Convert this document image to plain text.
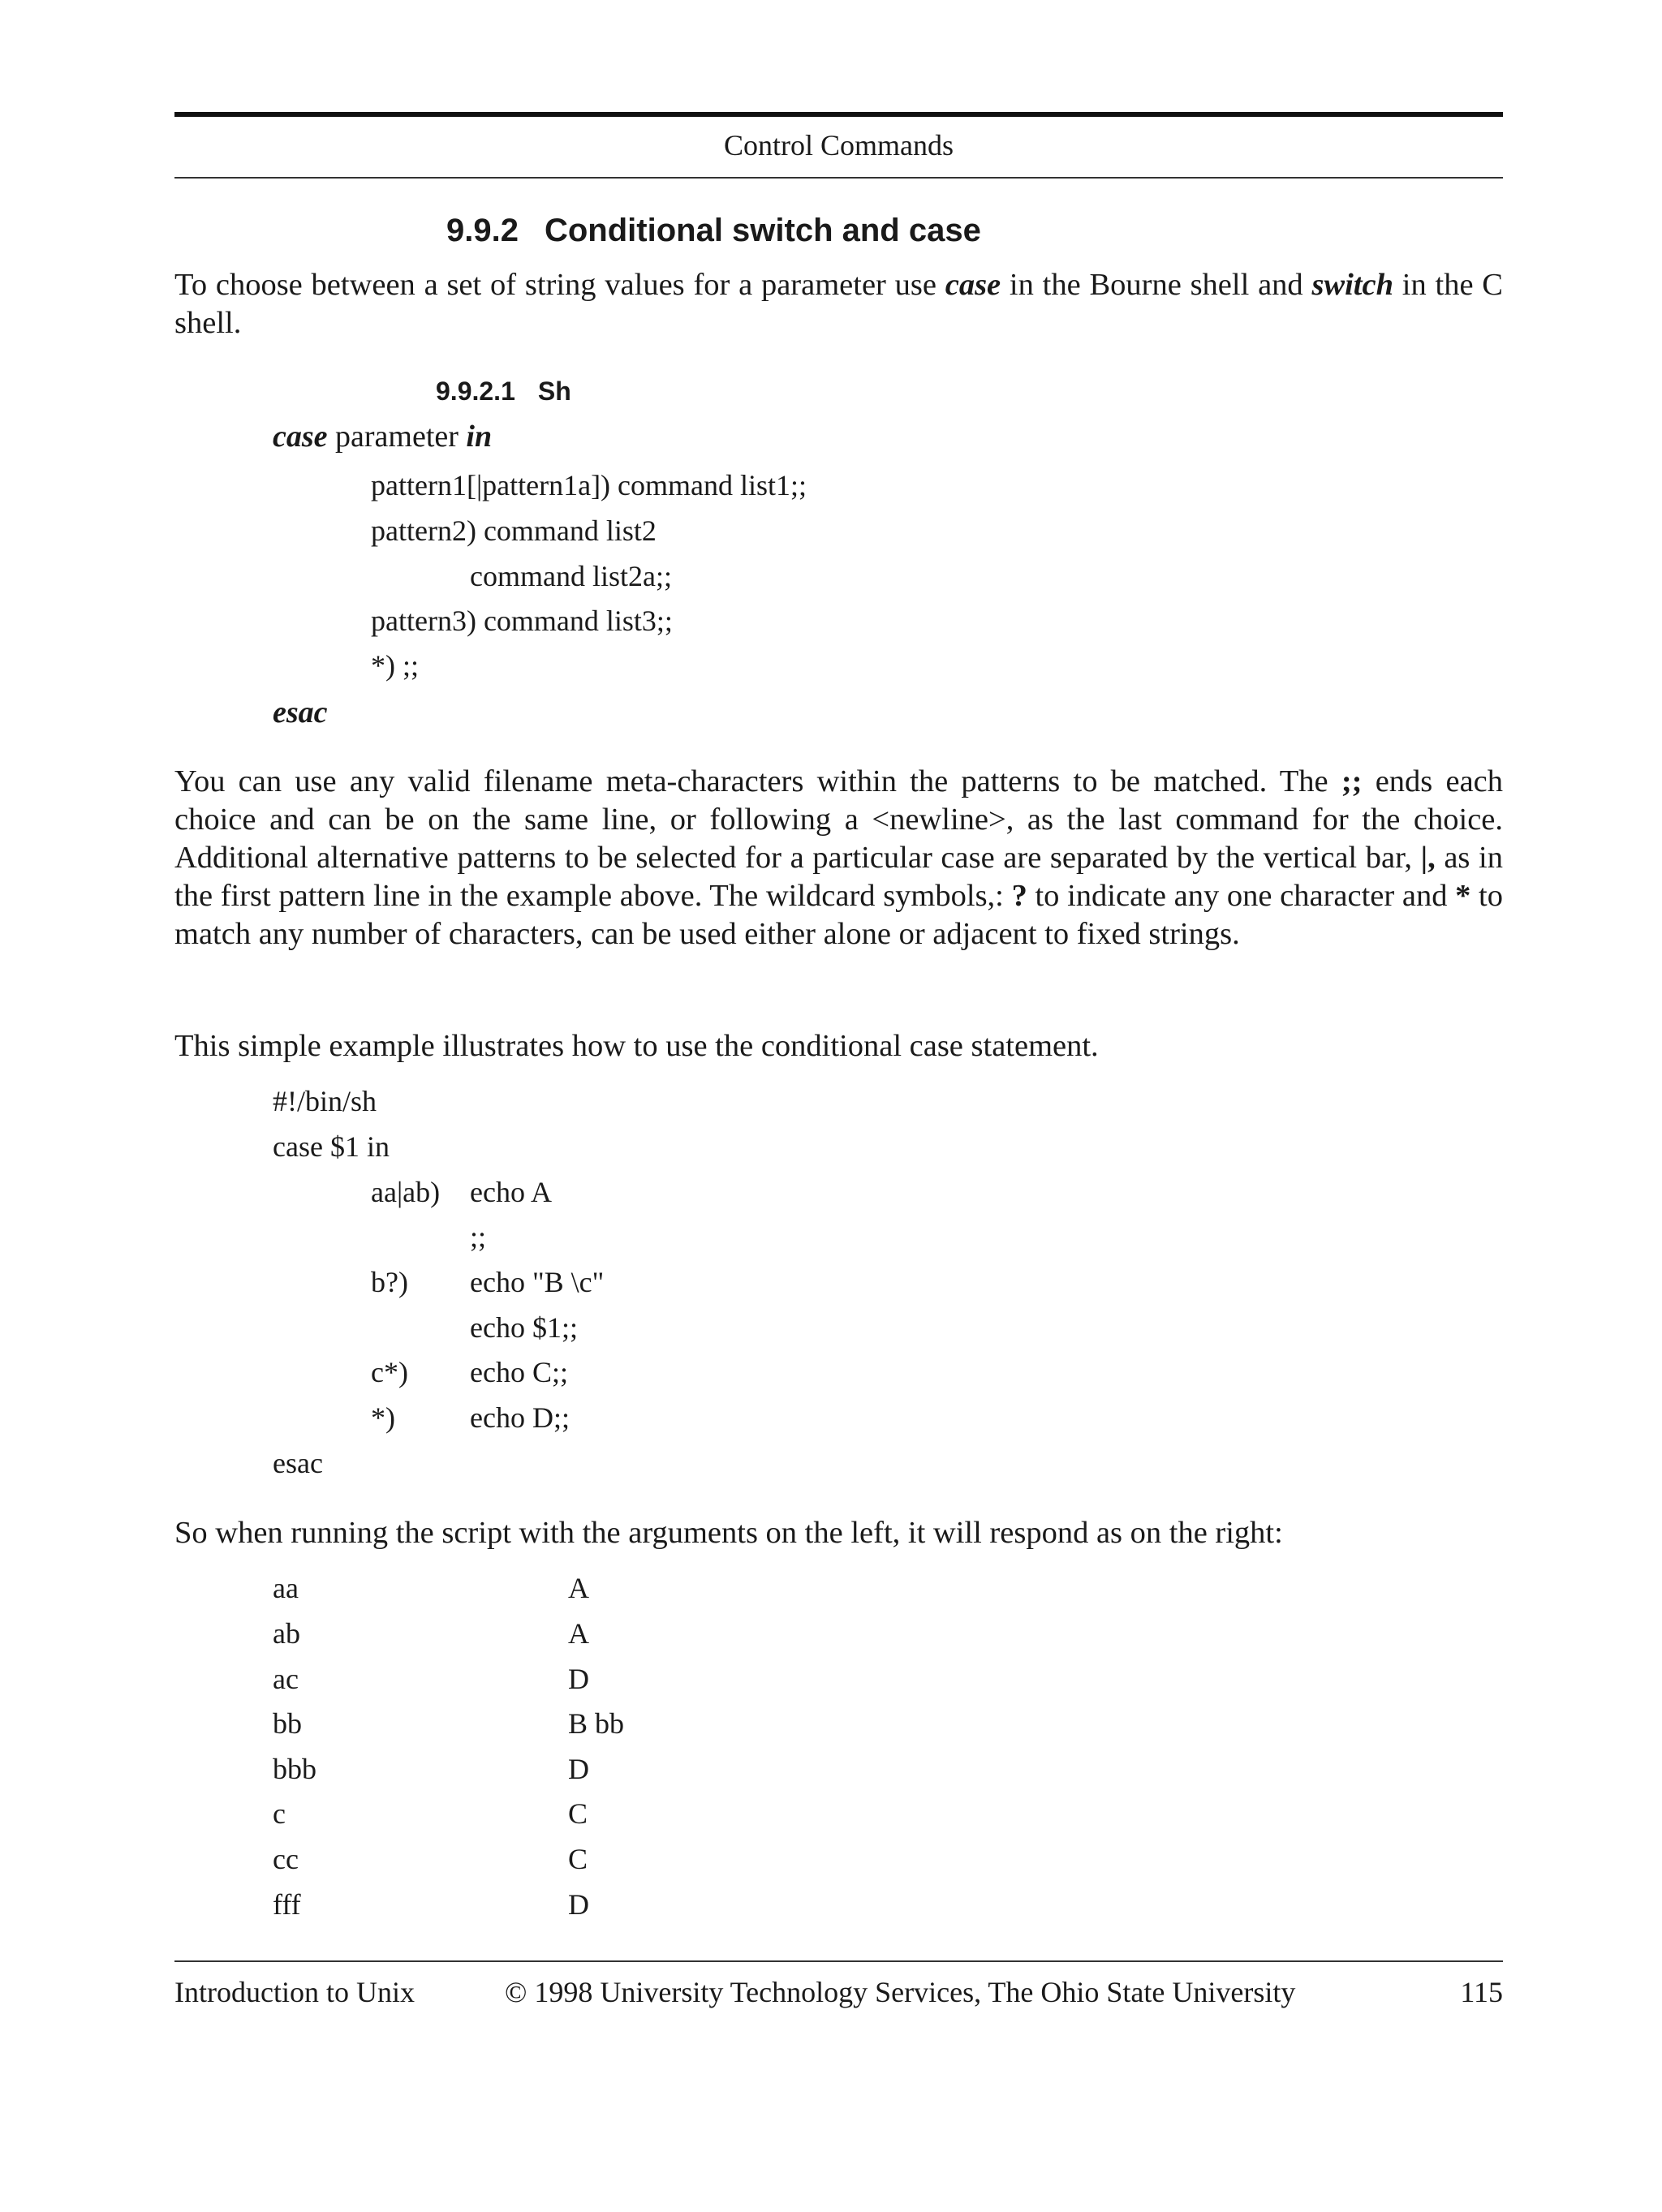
Control Commands
9.9.2 Conditional switch and case
To choose between a set of string values for a parameter use case in the Bourne shell and switch in the C shell.
9.9.2.1 Sh
case parameter in
pattern1[|pattern1a]) command list1;;
pattern2) command list2
command list2a;;
pattern3) command list3;;
*) ;;
esac
You can use any valid filename meta-characters within the patterns to be matched. The ;; ends each choice and can be on the same line, or following a <newline>, as the last command for the choice. Additional alternative patterns to be selected for a particular case are separated by the vertical bar, |, as in the first pattern line in the example above. The wildcard symbols,: ? to indicate any one character and * to match any number of characters, can be used either alone or adjacent to fixed strings.
This simple example illustrates how to use the conditional case statement.
#!/bin/sh
case $1 in
aa|ab) echo A
;;
b?) echo "B \c"
echo $1;;
c*) echo C;;
*)	echo D;;
esac
So when running the script with the arguments on the left, it will respond as on the right:
aa	A
ab	A
ac	D
bb	B bb
bbb	D
c	C
cc	C
fff	D
Introduction to Unix	© 1998 University Technology Services, The Ohio State University	115
